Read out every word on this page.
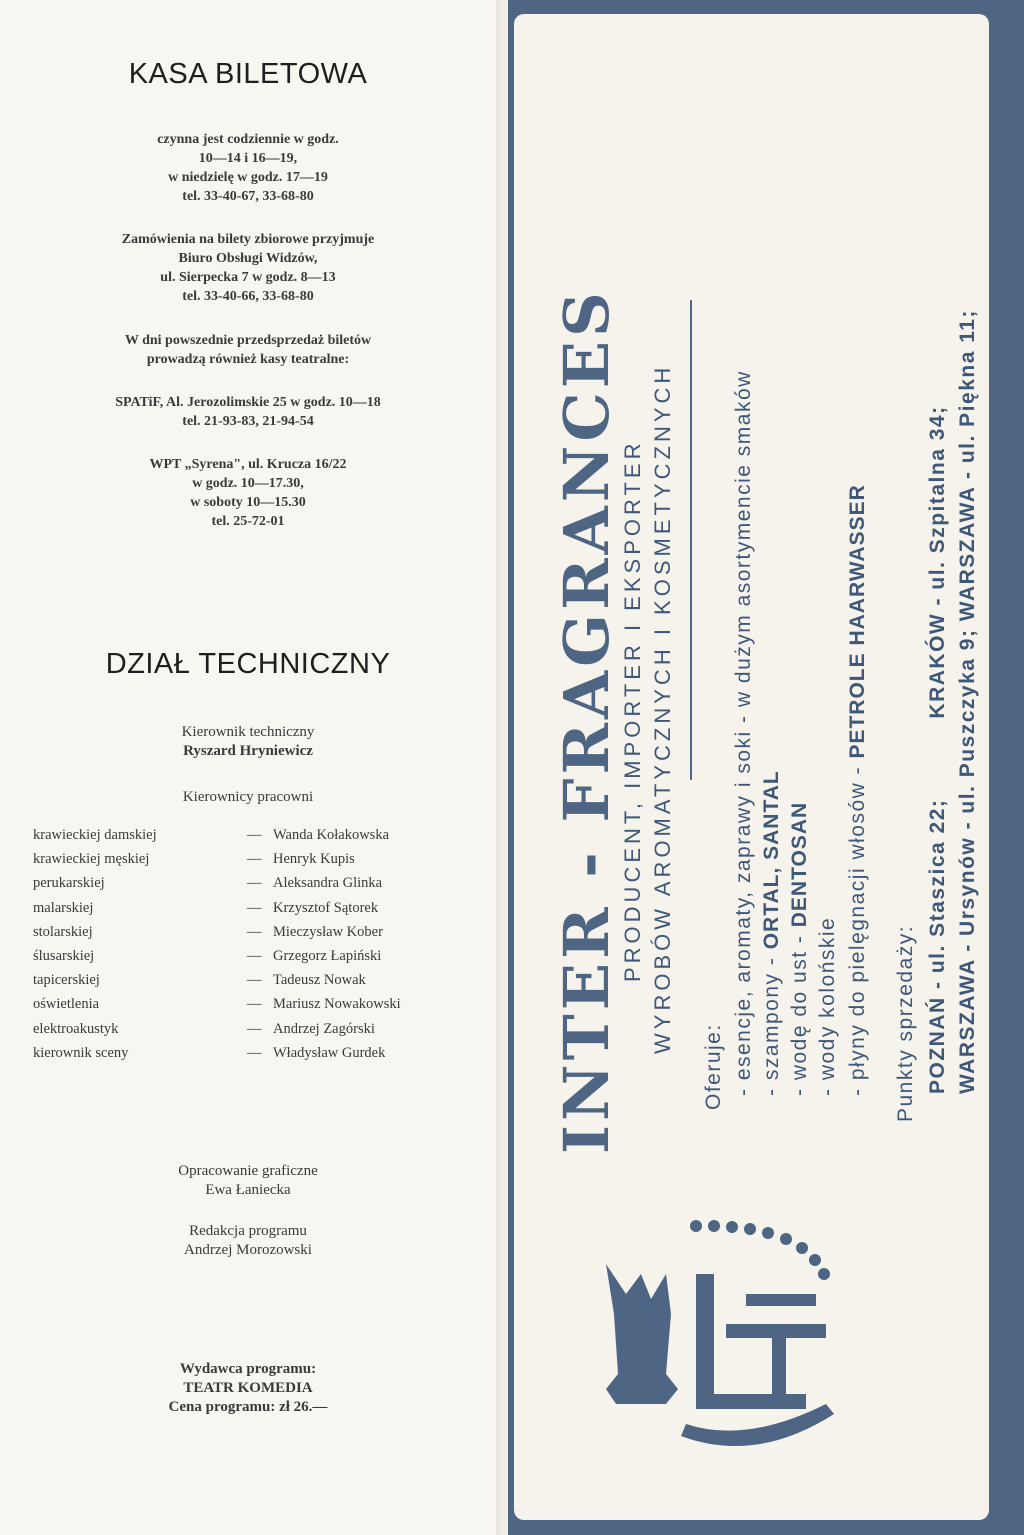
KASA BILETOWA
czynna jest codziennie w godz.
10—14 i 16—19,
w niedzielę w godz. 17—19
tel. 33-40-67, 33-68-80
Zamówienia na bilety zbiorowe przyjmuje
Biuro Obsługi Widzów,
ul. Sierpecka 7 w godz. 8—13
tel. 33-40-66, 33-68-80
W dni powszednie przedsprzedaż biletów
prowadzą również kasy teatralne:
SPATiF, Al. Jerozolimskie 25 w godz. 10—18
tel. 21-93-83, 21-94-54
WPT „Syrena", ul. Krucza 16/22
w godz. 10—17.30,
w soboty 10—15.30
tel. 25-72-01
DZIAŁ TECHNICZNY
Kierownik techniczny
Ryszard Hryniewicz
Kierownicy pracowni
krawieckiej damskiej	— Wanda Kołakowska
krawieckiej męskiej	— Henryk Kupis
perukarskiej	— Aleksandra Glinka
malarskiej	— Krzysztof Sątorek
stolarskiej	— Mieczysław Kober
ślusarskiej	— Grzegorz Łapiński
tapicerskiej	— Tadeusz Nowak
oświetlenia	— Mariusz Nowakowski
elektroakustyk	— Andrzej Zagórski
kierownik sceny	— Władysław Gurdek
Opracowanie graficzne
Ewa Łaniecka
Redakcja programu
Andrzej Morozowski
Wydawca programu:
TEATR KOMEDIA
Cena programu: zł 26.—
INTER - FRAGRANCES
PRODUCENT, IMPORTER I EKSPORTER WYROBÓW AROMATYCZNYCH I KOSMETYCZNYCH
Oferuje: - esencje, aromaty, zaprawy i soki - w dużym asortymencie smaków - szampony - ORTAL, SANTAL
- wodę do ust - DENTOSAN
- wody kolońskie - płyny do pielęgnacji włosów - PETROLE HAARWASSER
Punkty sprzedaży: POZNAŃ - ul. Staszica 22;KRAKÓW - ul. Szpitalna 34; WARSZAWA - Ursynów - ul. Puszczyka 9; WARSZAWA - ul. Piękna 11;
IF
